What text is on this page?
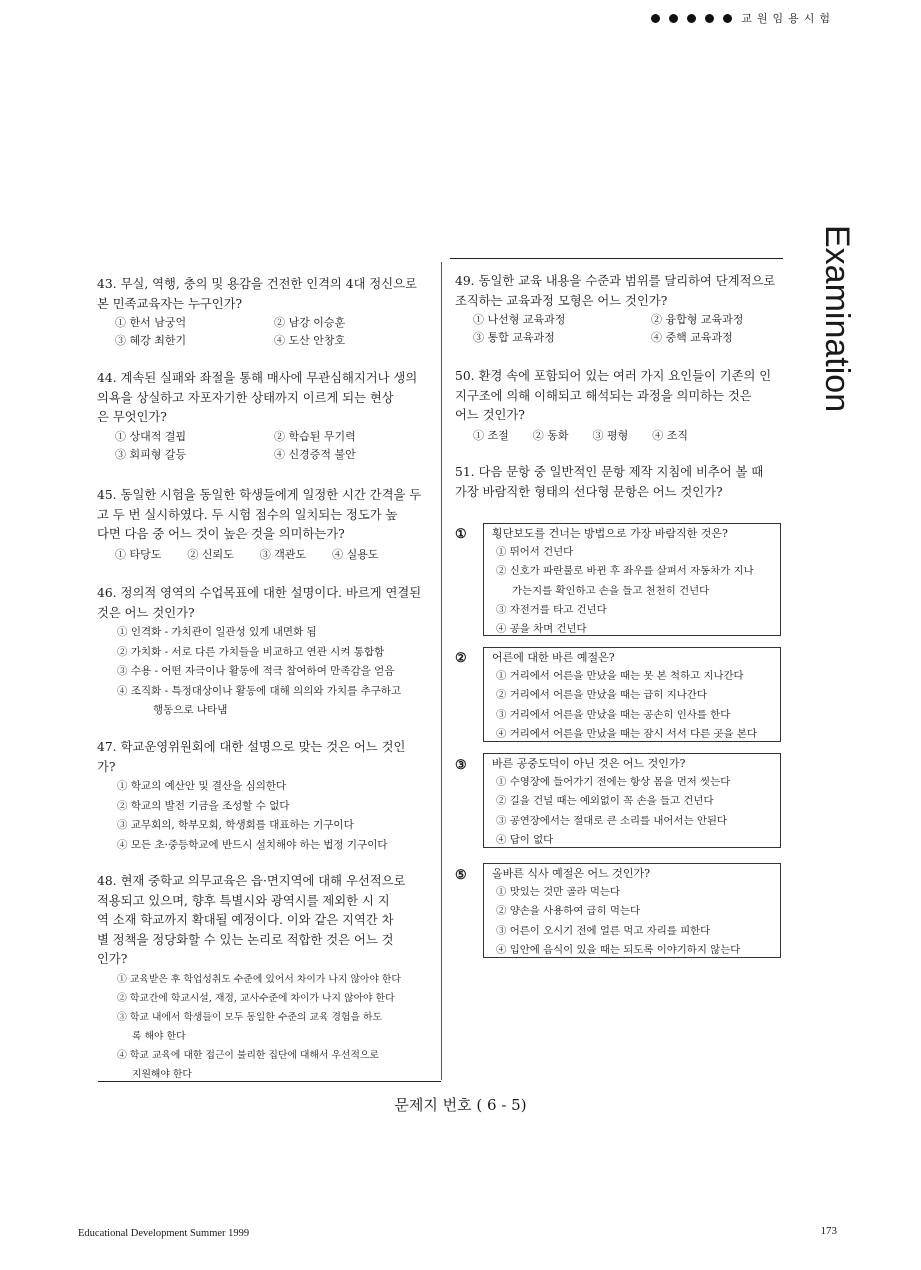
교원임용시험
Examination
43. 무실, 역행, 충의 및 용감을 건전한 인격의 4대 정신으로
본 민족교육자는 누구인가?
① 한서 남궁억	② 남강 이승훈
③ 혜강 최한기	④ 도산 안창호
44. 계속된 실패와 좌절을 통해 매사에 무관심해지거나 생의
의욕을 상실하고 자포자기한 상태까지 이르게 되는 현상
은 무엇인가?
① 상대적 결핍	② 학습된 무기력
③ 회피형 갈등	④ 신경증적 불안
45. 동일한 시험을 동일한 학생들에게 일정한 시간 간격을 두
고 두 번 실시하였다. 두 시험 점수의 일치되는 정도가 높
다면 다음 중 어느 것이 높은 것을 의미하는가?
① 타당도 ② 신뢰도 ③ 객관도 ④ 실용도
46. 정의적 영역의 수업목표에 대한 설명이다. 바르게 연결된
것은 어느 것인가?
① 인격화 - 가치관이 일관성 있게 내면화 됨
② 가치화 - 서로 다른 가치들을 비교하고 연관 시켜 통합함
③ 수용 - 어떤 자극이나 활동에 적극 참여하여 만족감을 얻음
④ 조직화 - 특정대상이나 활동에 대해 의의와 가치를 추구하고
행동으로 나타냄
47. 학교운영위원회에 대한 설명으로 맞는 것은 어느 것인
가?
① 학교의 예산안 및 결산을 심의한다
② 학교의 발전 기금을 조성할 수 없다
③ 교무회의, 학부모회, 학생회를 대표하는 기구이다
④ 모든 초·중등학교에 반드시 설치해야 하는 법정 기구이다
48. 현재 중학교 의무교육은 읍·면지역에 대해 우선적으로
적용되고 있으며, 향후 특별시와 광역시를 제외한 시 지
역 소재 학교까지 확대될 예정이다. 이와 같은 지역간 차
별 정책을 정당화할 수 있는 논리로 적합한 것은 어느 것
인가?
① 교육받은 후 학업성취도 수준에 있어서 차이가 나지 않아야 한다
② 학교간에 학교시설, 재정, 교사수준에 차이가 나지 않아야 한다
③ 학교 내에서 학생들이 모두 동일한 수준의 교육 경험을 하도
록 해야 한다
④ 학교 교육에 대한 접근이 불리한 집단에 대해서 우선적으로
지원해야 한다
49. 동일한 교육 내용을 수준과 범위를 달리하여 단계적으로
조직하는 교육과정 모형은 어느 것인가?
① 나선형 교육과정	② 융합형 교육과정
③ 통합 교육과정	④ 중핵 교육과정
50. 환경 속에 포함되어 있는 여러 가지 요인들이 기존의 인
지구조에 의해 이해되고 해석되는 과정을 의미하는 것은
어느 것인가?
① 조절 ② 동화 ③ 평형 ④ 조직
51. 다음 문항 중 일반적인 문항 제작 지침에 비추어 볼 때
가장 바람직한 형태의 선다형 문항은 어느 것인가?
① 횡단보도를 건너는 방법으로 가장 바람직한 것은?
① 뛰어서 건넌다
② 신호가 파란불로 바뀐 후 좌우를 살펴서 자동차가 지나
가는지를 확인하고 손을 들고 천천히 건넌다
③ 자전거를 타고 건넌다
④ 공을 차며 건넌다
② 어른에 대한 바른 예절은?
① 거리에서 어른을 만났을 때는 못 본 척하고 지나간다
② 거리에서 어른을 만났을 때는 급히 지나간다
③ 거리에서 어른을 만났을 때는 공손히 인사를 한다
④ 거리에서 어른을 만났을 때는 잠시 서서 다른 곳을 본다
③ 바른 공중도덕이 아닌 것은 어느 것인가?
① 수영장에 들어가기 전에는 항상 몸을 먼저 씻는다
② 길을 건널 때는 예외없이 꼭 손을 들고 건넌다
③ 공연장에서는 절대로 큰 소리를 내어서는 안된다
④ 답이 없다
⑤ 올바른 식사 예절은 어느 것인가?
① 맛있는 것만 골라 먹는다
② 양손을 사용하여 급히 먹는다
③ 어른이 오시기 전에 얼른 먹고 자리를 피한다
④ 입안에 음식이 있을 때는 되도록 이야기하지 않는다
문제지 번호 ( 6 - 5)
Educational Development Summer 1999	173
